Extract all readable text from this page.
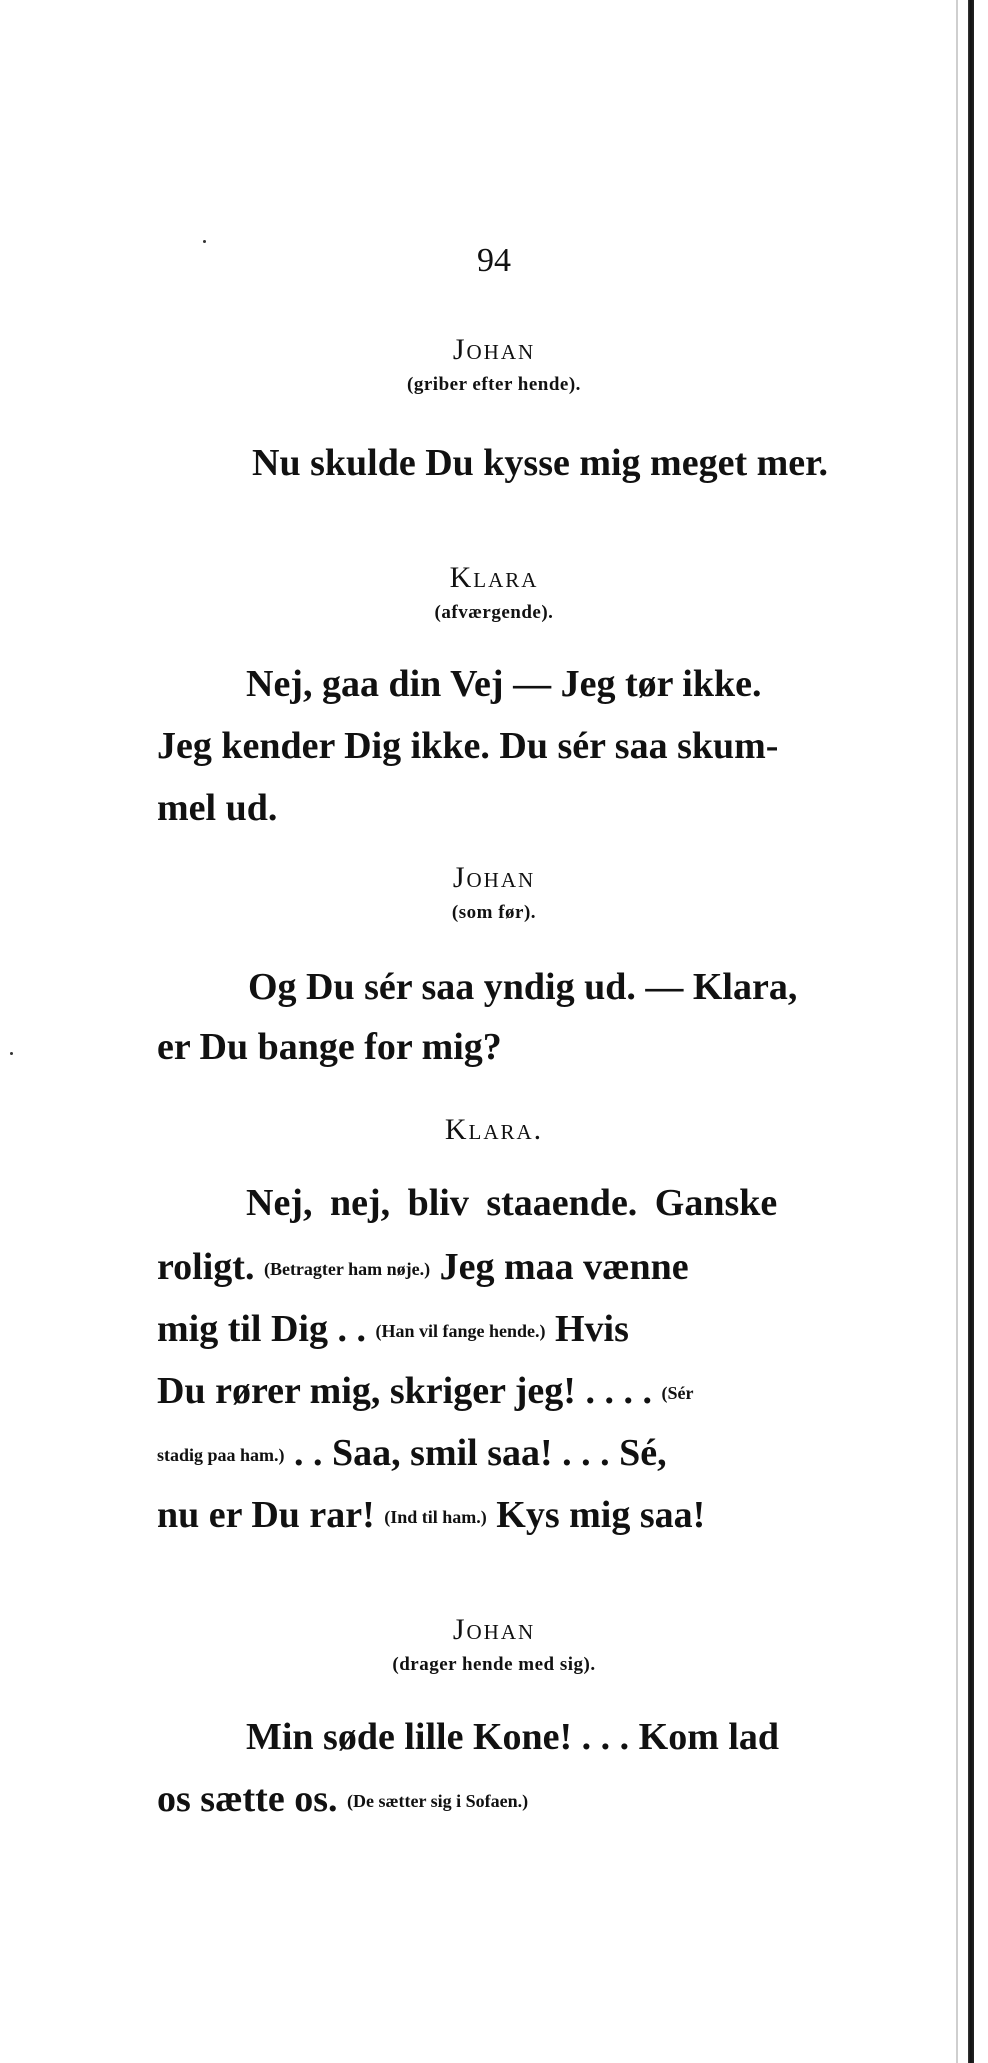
94
Johan
(griber efter hende).
Nu skulde Du kysse mig meget mer.
Klara
(afværgende).
Nej, gaa din Vej — Jeg tør ikke.
Jeg kender Dig ikke. Du sér saa skum-
mel ud.
Johan
(som før).
Og Du sér saa yndig ud. — Klara,
er Du bange for mig?
Klara.
Nej, nej, bliv staaende. Ganske
roligt. (Betragter ham nøje.) Jeg maa vænne
mig til Dig . . (Han vil fange hende.) Hvis
Du rører mig, skriger jeg! . . . . (Sér
stadig paa ham.) . . Saa, smil saa! . . . Sé,
nu er Du rar! (Ind til ham.) Kys mig saa!
Johan
(drager hende med sig).
Min søde lille Kone! . . . Kom lad
os sætte os. (De sætter sig i Sofaen.)
